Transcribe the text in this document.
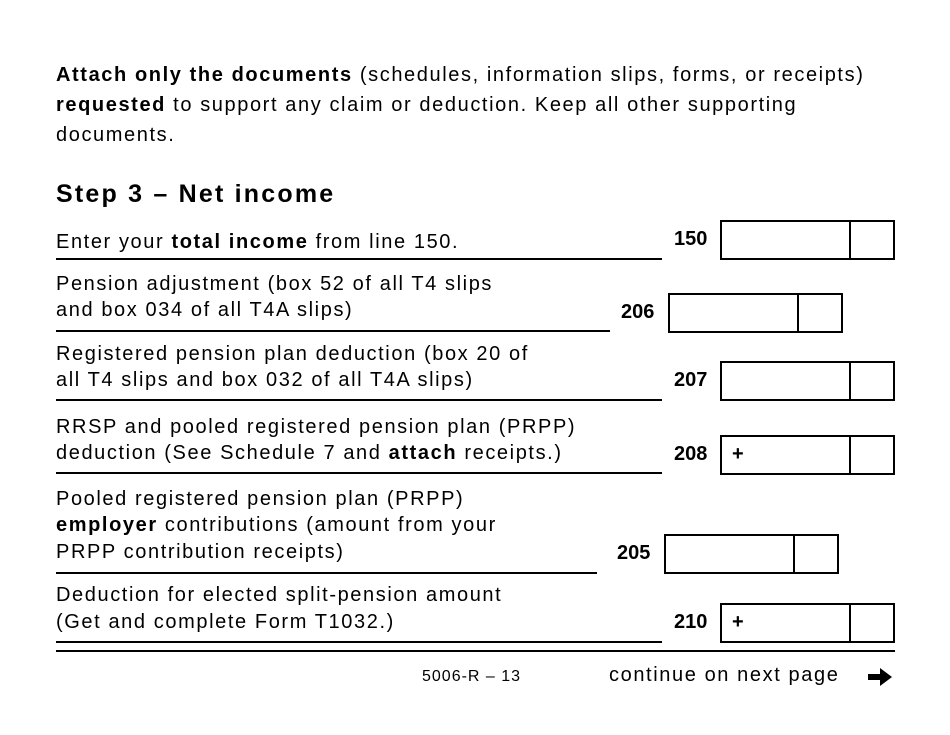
Attach only the documents (schedules, information slips, forms, or receipts) requested to support any claim or deduction. Keep all other supporting documents.
Step 3 – Net income
Enter your total income from line 150.	150
Pension adjustment (box 52 of all T4 slips
and box 034 of all T4A slips)	206
Registered pension plan deduction (box 20 of
all T4 slips and box 032 of all T4A slips)	207
RRSP and pooled registered pension plan (PRPP)
deduction (See Schedule 7 and attach receipts.)	208 +
Pooled registered pension plan (PRPP)
employer contributions (amount from your
PRPP contribution receipts)	205
Deduction for elected split-pension amount
(Get and complete Form T1032.)	210 +
5006-R – 13	continue on next page
